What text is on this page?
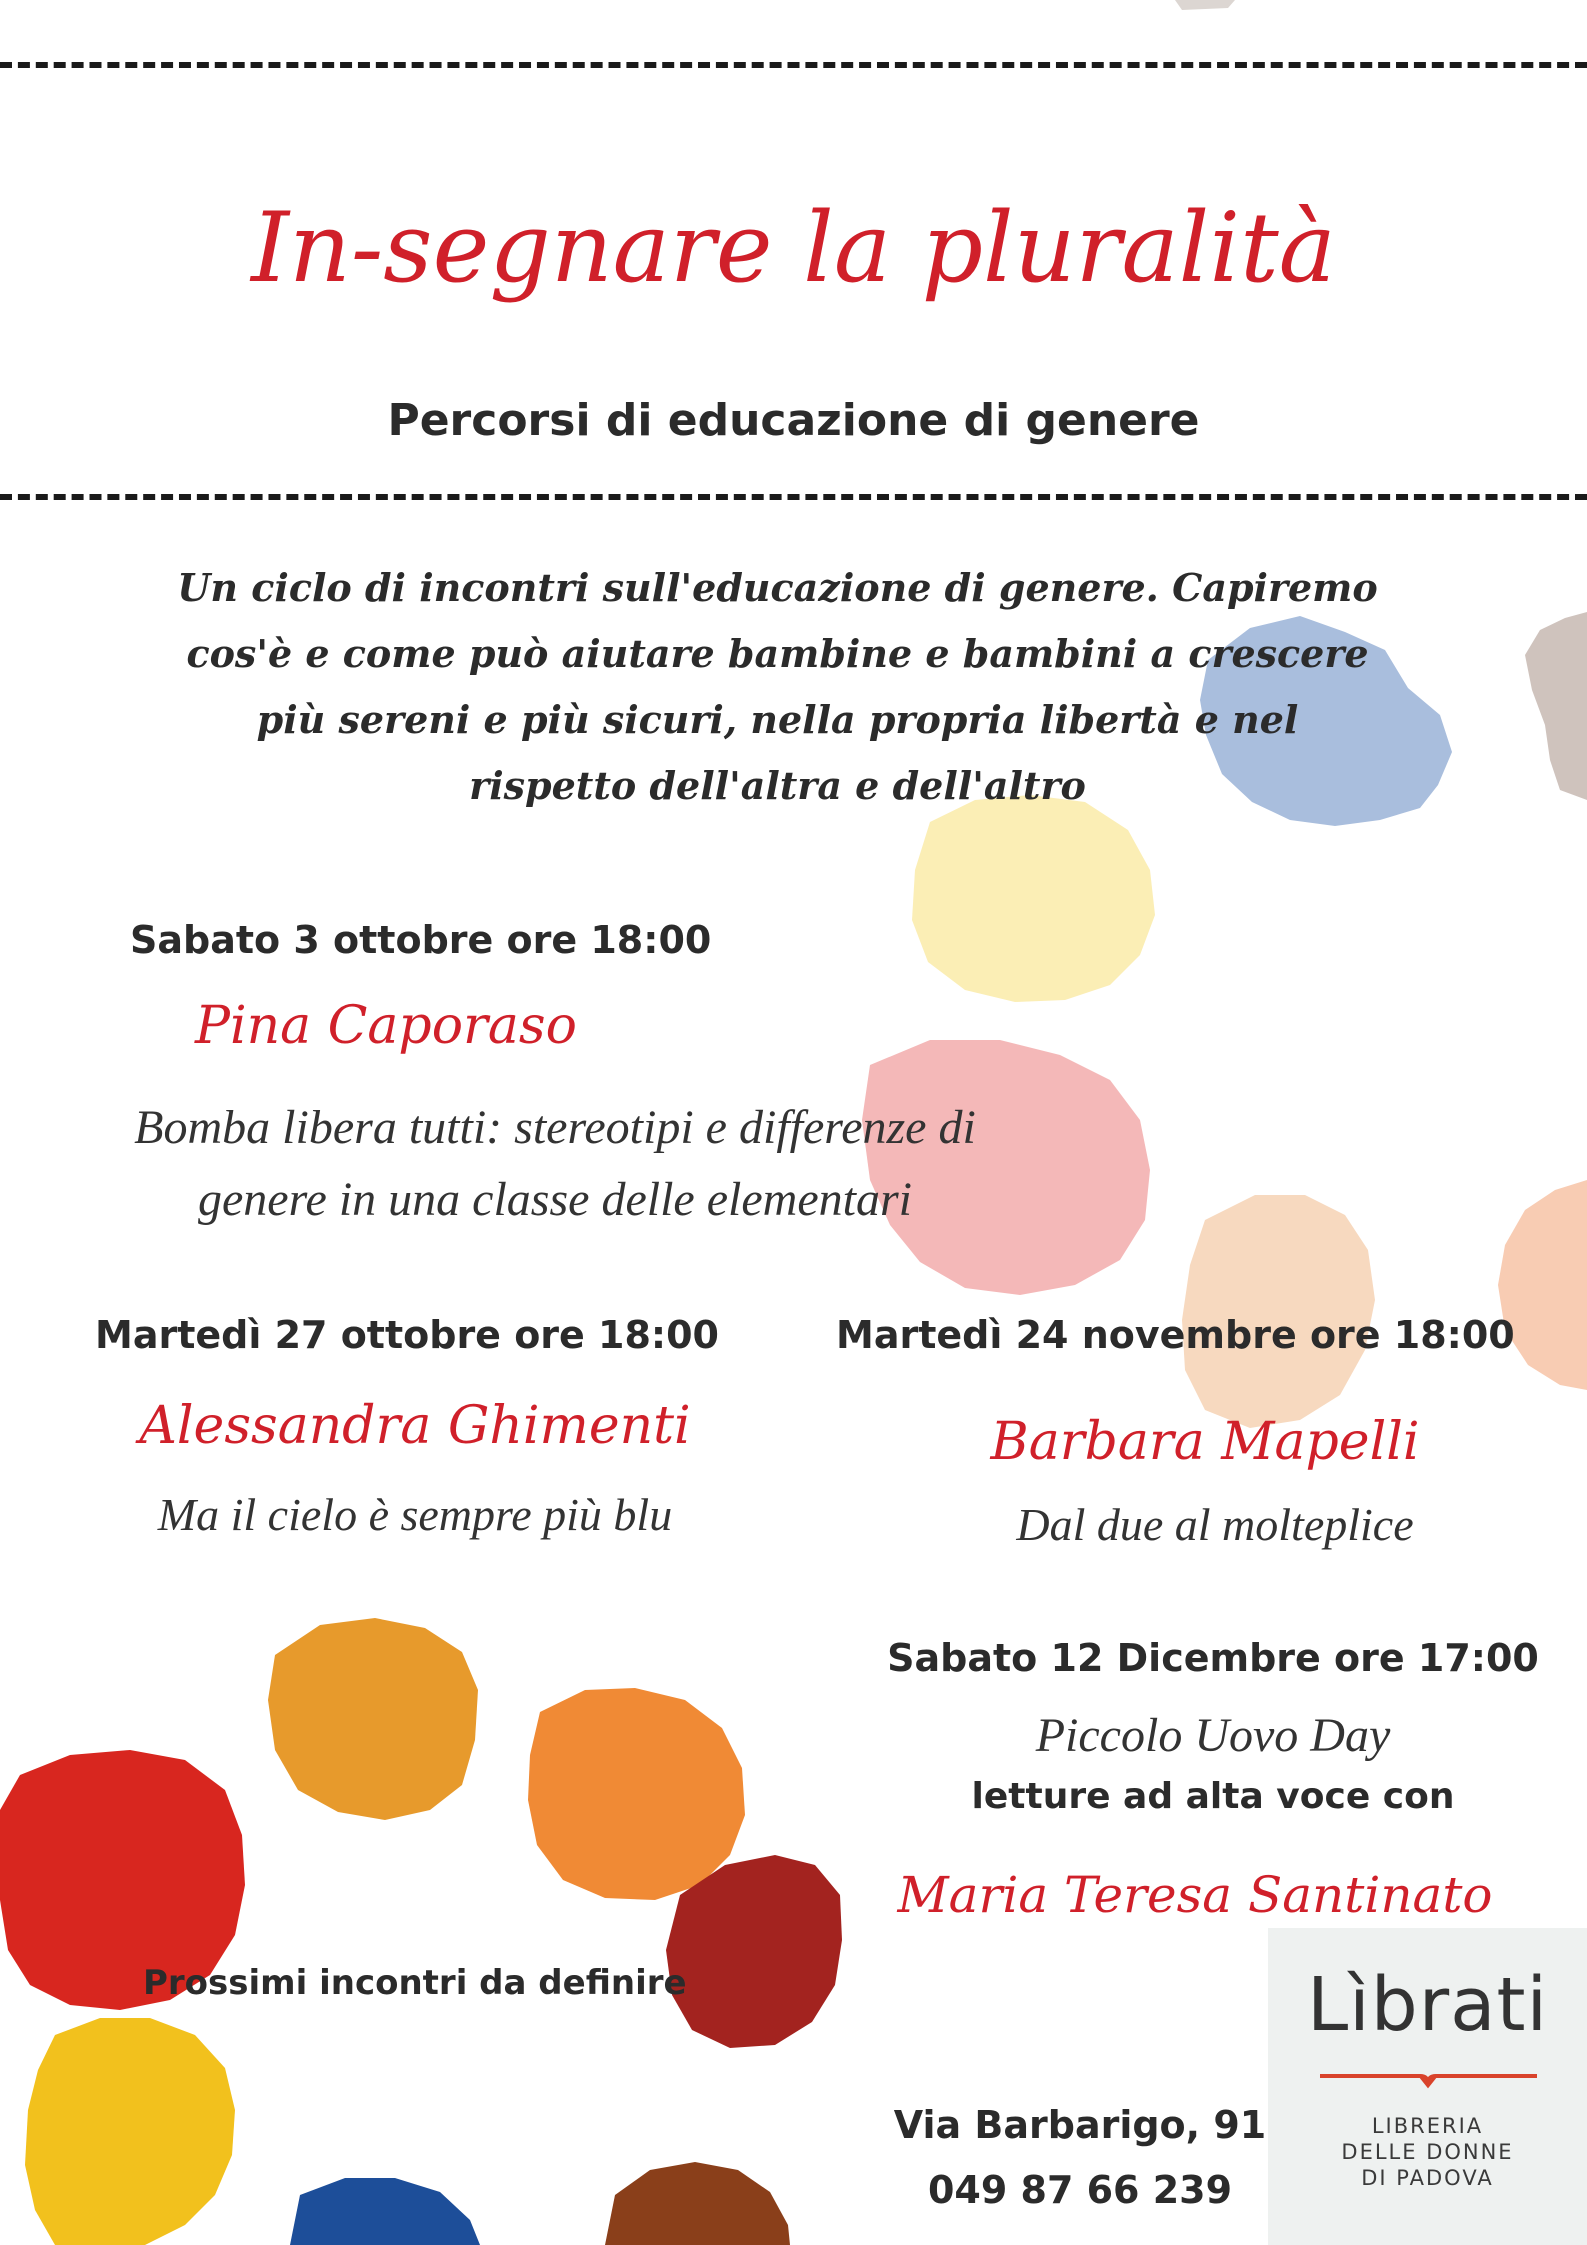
In-segnare la pluralità
Percorsi di educazione di genere
Un ciclo di incontri sull'educazione di genere. Capiremo
cos'è e come può aiutare bambine e bambini a crescere
più sereni e più sicuri, nella propria libertà e nel
rispetto dell'altra e dell'altro
Sabato 3 ottobre ore 18:00
Pina Caporaso
Bomba libera tutti: stereotipi e differenze di
genere in una classe delle elementari
Martedì 27 ottobre ore 18:00
Alessandra Ghimenti
Ma il cielo è sempre più blu
Martedì 24 novembre ore 18:00
Barbara Mapelli
Dal due al molteplice
Sabato 12 Dicembre ore 17:00
Piccolo Uovo Day
letture ad alta voce con
Maria Teresa Santinato
Prossimi incontri da definire
Via Barbarigo, 91
049 87 66 239
Lìbrati
LIBRERIA
DELLE DONNE
DI PADOVA
